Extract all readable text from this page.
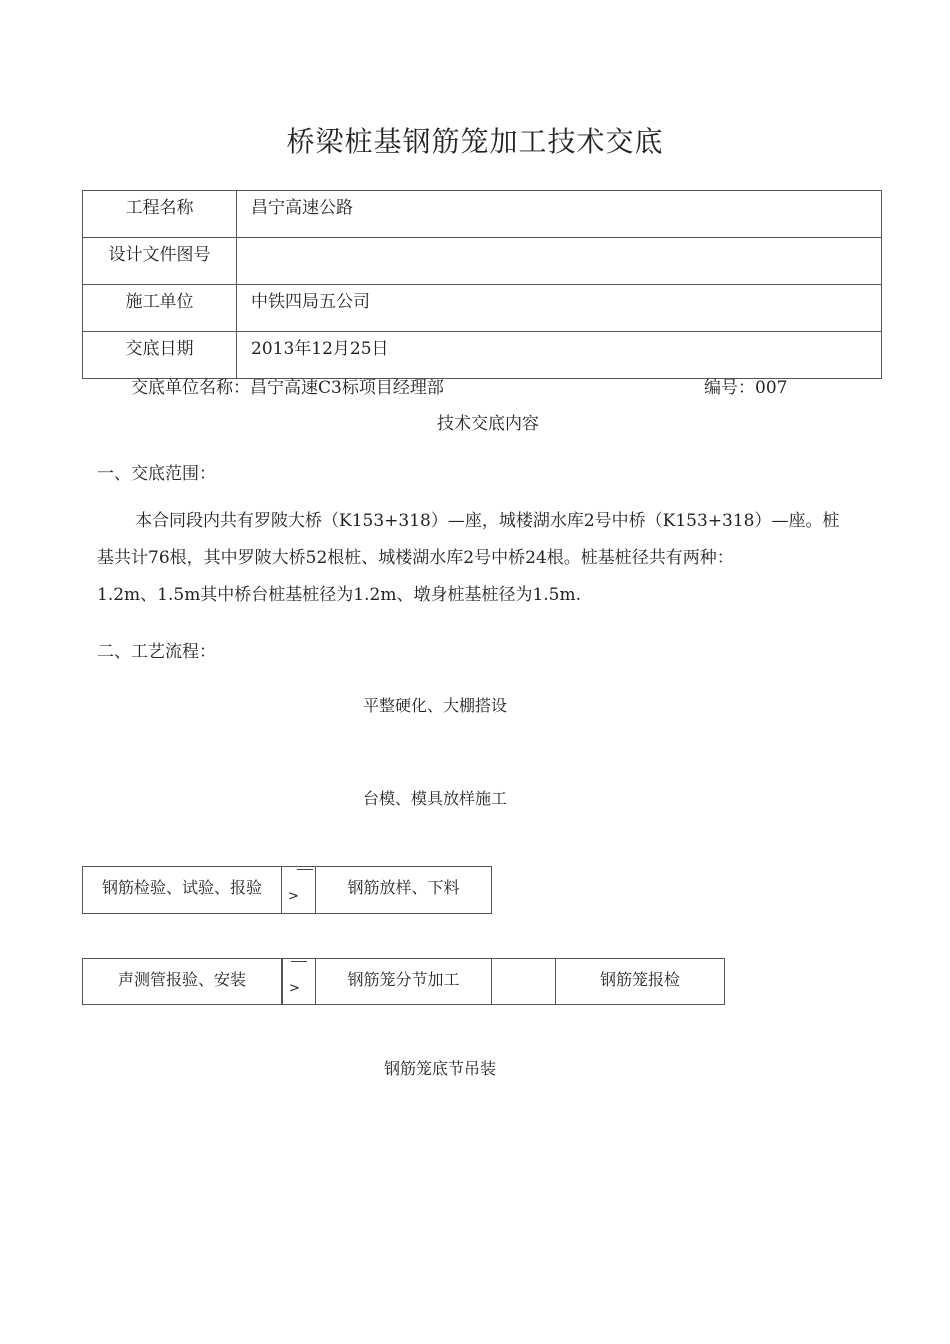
桥梁桩基钢筋笼加工技术交底
工程名称	昌宁高速公路
设计文件图号	
施工单位	中铁四局五公司
交底日期	2013年12月25日
交底单位名称：昌宁高速C3标项目经理部	编号：007
技术交底内容
一、交底范围：
本合同段内共有罗陂大桥（K153+318）—座，城楼湖水库2号中桥（K153+318）—座。桩
基共计76根，其中罗陂大桥52根桩、城楼湖水库2号中桥24根。桩基桩径共有两种：
1.2m、1.5m其中桥台桩基桩径为1.2m、墩身桩基桩径为1.5m.
二、工艺流程：
平整硬化、大棚搭设
台模、模具放样施工
钢筋检验、试验、报验 >	钢筋放样、下料
声测管报验、安装	>	钢筋笼分节加工	钢筋笼报检
钢筋笼底节吊装
